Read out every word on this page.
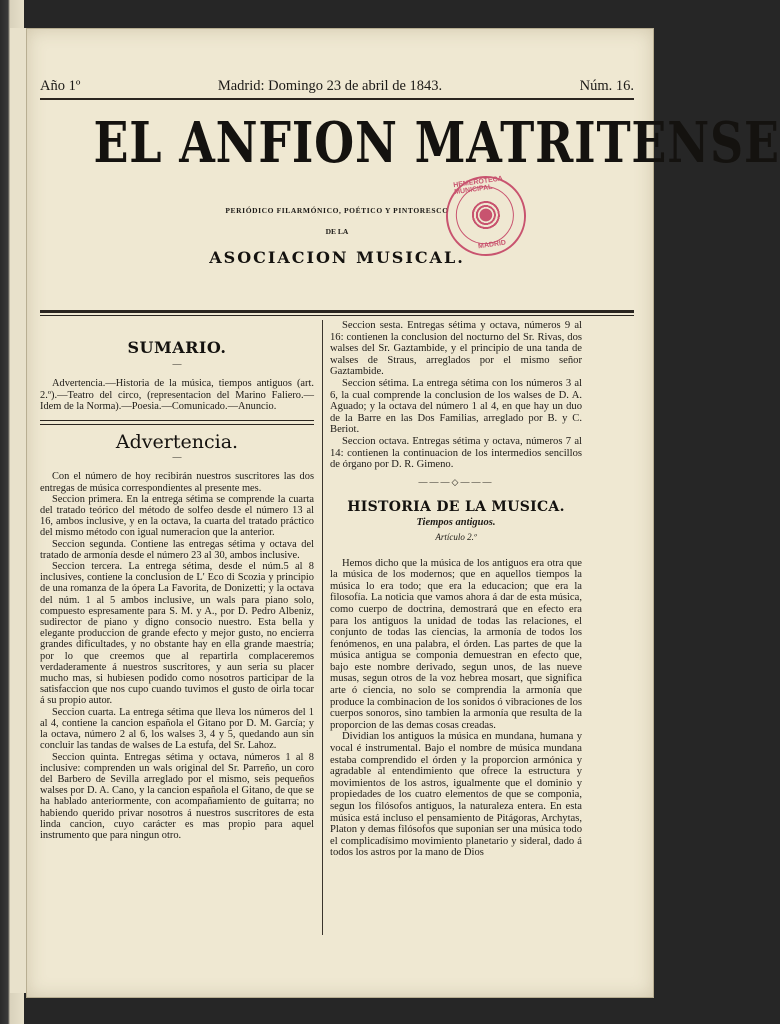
Año 1º	Madrid: Domingo 23 de abril de 1843.	Núm. 16.
EL ANFION MATRITENSE
PERIÓDICO FILARMÓNICO, POÉTICO Y PINTORESCO
DE LA
ASOCIACION MUSICAL.
HEMEROTECA MUNICIPAL
MADRID
SUMARIO.
—

Advertencia.—Historia de la música, tiempos antiguos (art. 2.º).—Teatro del circo, (representacion del Marino Faliero.—Idem de la Norma).—Poesia.—Comunicado.—Anuncio.

Advertencia.
—

Con el número de hoy recibirán nuestros suscritores las dos entregas de música correspondientes al presente mes.

Seccion primera. En la entrega sétima se comprende la cuarta del tratado teórico del método de solfeo desde el número 13 al 16, ambos inclusive, y en la octava, la cuarta del tratado práctico del mismo método con igual numeracion que la anterior.

Seccion segunda. Contiene las entregas sétima y octava del tratado de armonía desde el número 23 al 30, ambos inclusive.

Seccion tercera. La entrega sétima, desde el núm.5 al 8 inclusives, contiene la conclusion de L' Eco di Scozia y principio de una romanza de la ópera La Favorita, de Donizetti; y la octava del núm. 1 al 5 ambos inclusive, un wals para piano solo, compuesto espresamente para S. M. y A., por D. Pedro Albeniz, sudirector de piano y digno consocio nuestro. Esta bella y elegante produccion de grande efecto y mejor gusto, no encierra grandes dificultades, y no obstante hay en ella grande maestría; por lo que creemos que al repartirla complaceremos verdaderamente á nuestros suscritores, y aun seria su placer mucho mas, si hubiesen podido como nosotros participar de la satisfaccion que nos cupo cuando tuvimos el gusto de oirla tocar á su propio autor.

Seccion cuarta. La entrega sétima que lleva los números del 1 al 4, contiene la cancion española el Gitano por D. M. García; y la octava, número 2 al 6, los walses 3, 4 y 5, quedando aun sin concluir las tandas de walses de La estufa, del Sr. Lahoz.

Seccion quinta. Entregas sétima y octava, números 1 al 8 inclusive: comprenden un wals original del Sr. Parreño, un coro del Barbero de Sevilla arreglado por el mismo, seis pequeños walses por D. A. Cano, y la cancion española el Gitano, de que se ha hablado anteriormente, con acompañamiento de guitarra; no habiendo querido privar nosotros á nuestros suscritores de esta linda cancion, cuyo carácter es mas propio para aquel instrumento que para ningun otro.

Seccion sesta. Entregas sétima y octava, números 9 al 16: contienen la conclusion del nocturno del Sr. Rivas, dos walses del Sr. Gaztambide, y el principio de una tanda de walses de Straus, arreglados por el mismo señor Gaztambide.

Seccion sétima. La entrega sétima con los números 3 al 6, la cual comprende la conclusion de los walses de D. A. Aguado; y la octava del número 1 al 4, en que hay un duo de la Barre en las Dos Familias, arreglado por B. y C. Beriot.

Seccion octava. Entregas sétima y octava, números 7 al 14: contienen la continuacion de los intermedios sencillos de órgano por D. R. Gimeno.

———◇———
HISTORIA DE LA MUSICA.
Tiempos antiguos.
Artículo 2.º

Hemos dicho que la música de los antiguos era otra que la música de los modernos; que en aquellos tiempos la música lo era todo; que era la educacion; que era la filosofía. La noticia que vamos ahora á dar de esta música, como cuerpo de doctrina, demostrará que en efecto era para los antiguos la unidad de todas las relaciones, el conjunto de todas las ciencias, la armonía de todos los fenómenos, en una palabra, el órden. Las partes de que la música antigua se componia demuestran en efecto que, bajo este nombre derivado, segun unos, de las nueve musas, segun otros de la voz hebrea mosart, que significa arte ó ciencia, no solo se comprendia la armonía que produce la combinacion de los sonidos ó vibraciones de los cuerpos sonoros, sino tambien la armonía que resulta de la proporcion de las demas cosas creadas.

Dividian los antiguos la música en mundana, humana y vocal é instrumental. Bajo el nombre de música mundana estaba comprendido el órden y la proporcion armónica y agradable al entendimiento que ofrece la estructura y movimientos de los astros, igualmente que el dominio y propiedades de los cuatro elementos de que se componia, segun los filósofos antiguos, la naturaleza entera. En esta música está incluso el pensamiento de Pitágoras, Archytas, Platon y demas filósofos que suponian ser una música todo el complicadísimo movimiento planetario y sideral, dado á todos los astros por la mano de Dios
